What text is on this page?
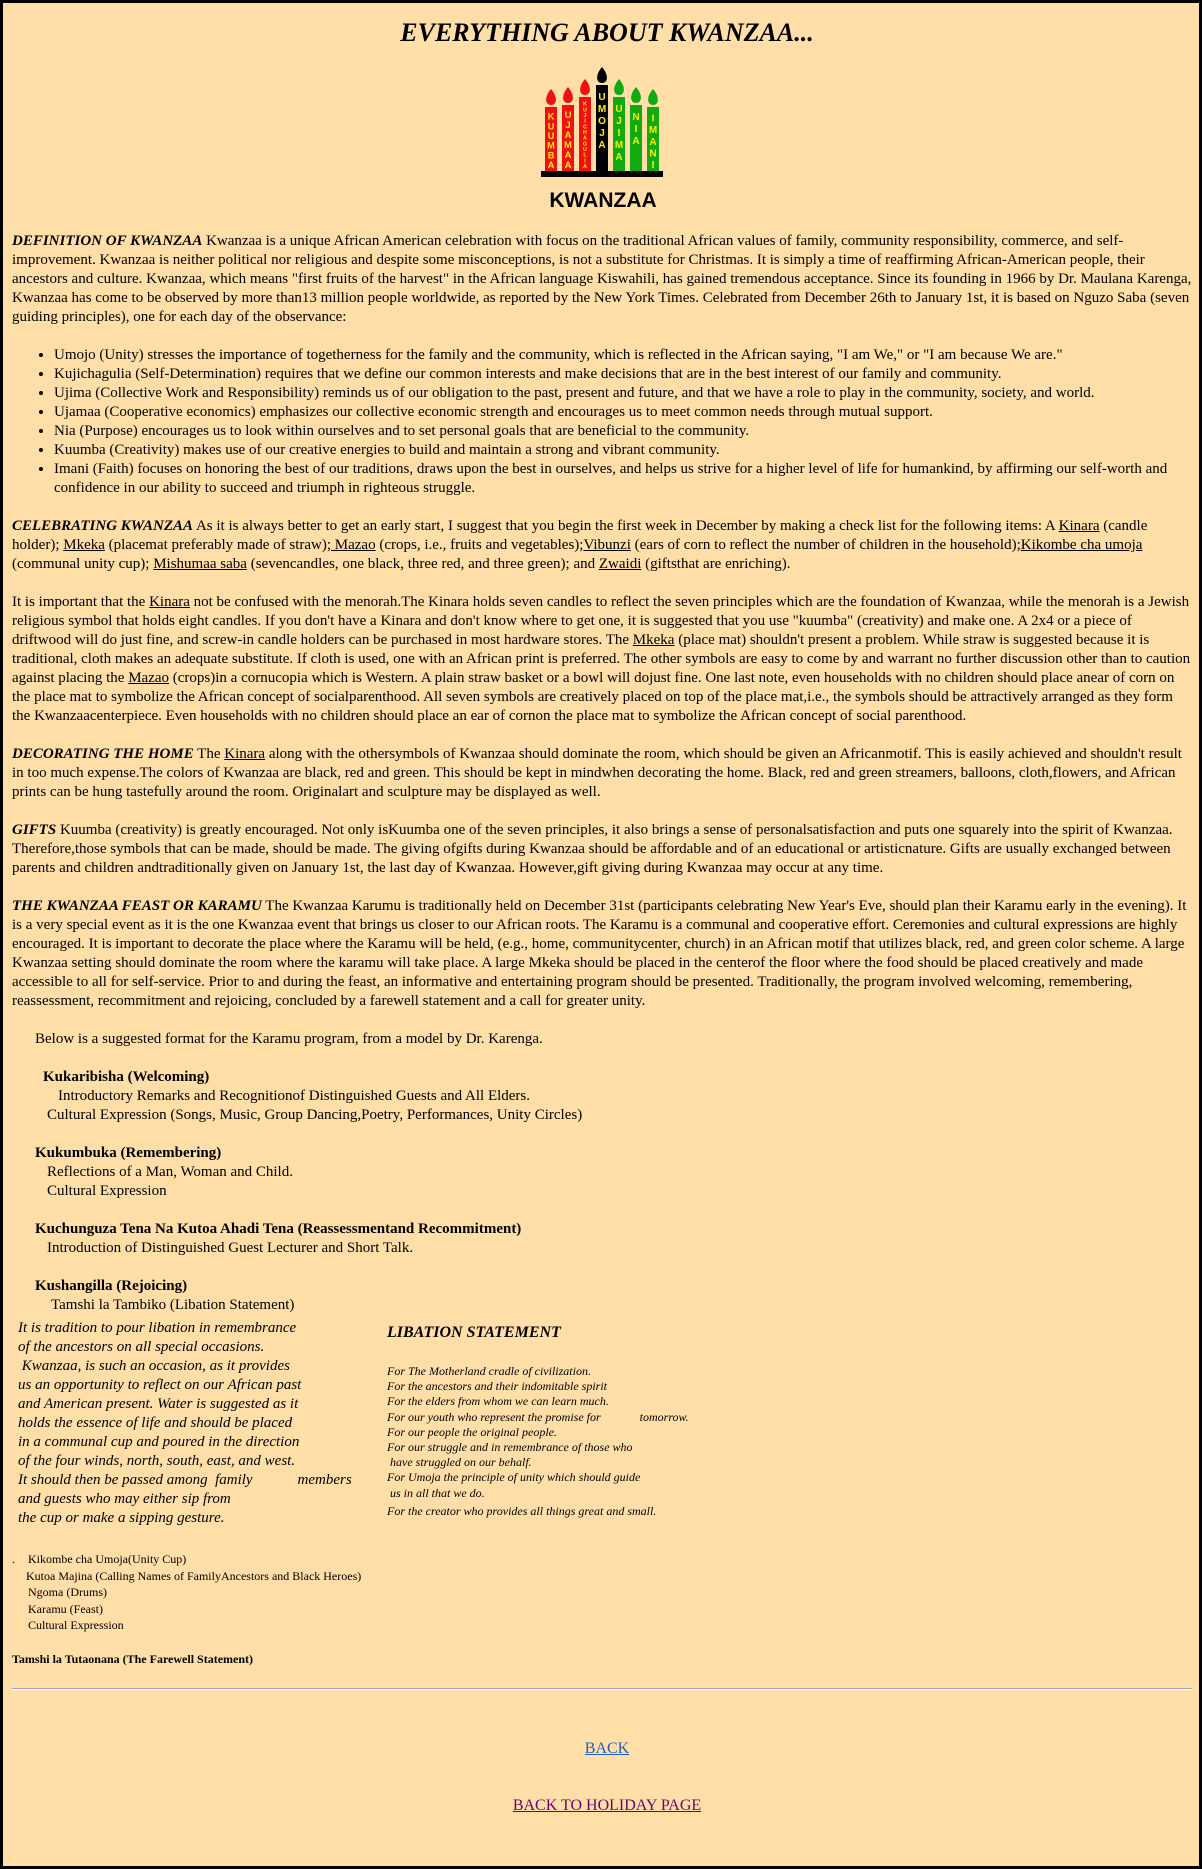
EVERYTHING ABOUT KWANZAA...
K
U
U
M
B
A
U
J
A
M
A
A
K
U
J
I
C
H
A
G
U
L
I
A
U
M
O
J
A
U
J
I
M
A
N
I
A
I
M
A
N
I
KWANZAA

DEFINITION OF KWANZAA Kwanzaa is a unique African American celebration with focus on the traditional African values of family, community responsibility, commerce, and self-improvement. Kwanzaa is neither political nor religious and despite some misconceptions, is not a substitute for Christmas. It is simply a time of reaffirming African-American people, their ancestors and culture. Kwanzaa, which means "first fruits of the harvest" in the African language Kiswahili, has gained tremendous acceptance. Since its founding in 1966 by Dr. Maulana Karenga, Kwanzaa has come to be observed by more than13 million people worldwide, as reported by the New York Times. Celebrated from December 26th to January 1st, it is based on Nguzo Saba (seven guiding principles), one for each day of the observance:

• Umojo (Unity) stresses the importance of togetherness for the family and the community, which is reflected in the African saying, "I am We," or "I am because We are."
• Kujichagulia (Self-Determination) requires that we define our common interests and make decisions that are in the best interest of our family and community.
• Ujima (Collective Work and Responsibility) reminds us of our obligation to the past, present and future, and that we have a role to play in the community, society, and world.
• Ujamaa (Cooperative economics) emphasizes our collective economic strength and encourages us to meet common needs through mutual support.
• Nia (Purpose) encourages us to look within ourselves and to set personal goals that are beneficial to the community.
• Kuumba (Creativity) makes use of our creative energies to build and maintain a strong and vibrant community.
• Imani (Faith) focuses on honoring the best of our traditions, draws upon the best in ourselves, and helps us strive for a higher level of life for humankind, by affirming our self-worth and confidence in our ability to succeed and triumph in righteous struggle.

CELEBRATING KWANZAA As it is always better to get an early start, I suggest that you begin the first week in December by making a check list for the following items: A Kinara (candle holder); Mkeka (placemat preferably made of straw); Mazao (crops, i.e., fruits and vegetables);Vibunzi (ears of corn to reflect the number of children in the household);Kikombe cha umoja (communal unity cup); Mishumaa saba (sevencandles, one black, three red, and three green); and Zwaidi (giftsthat are enriching).

It is important that the Kinara not be confused with the menorah.The Kinara holds seven candles to reflect the seven principles which are the foundation of Kwanzaa, while the menorah is a Jewish religious symbol that holds eight candles. If you don't have a Kinara and don't know where to get one, it is suggested that you use "kuumba" (creativity) and make one. A 2x4 or a piece of driftwood will do just fine, and screw-in candle holders can be purchased in most hardware stores. The Mkeka (place mat) shouldn't present a problem. While straw is suggested because it is traditional, cloth makes an adequate substitute. If cloth is used, one with an African print is preferred. The other symbols are easy to come by and warrant no further discussion other than to caution against placing the Mazao (crops)in a cornucopia which is Western. A plain straw basket or a bowl will dojust fine. One last note, even households with no children should place anear of corn on the place mat to symbolize the African concept of socialparenthood. All seven symbols are creatively placed on top of the place mat,i.e., the symbols should be attractively arranged as they form the Kwanzaacenterpiece. Even households with no children should place an ear of cornon the place mat to symbolize the African concept of social parenthood.

DECORATING THE HOME The Kinara along with the othersymbols of Kwanzaa should dominate the room, which should be given an Africanmotif. This is easily achieved and shouldn't result in too much expense.The colors of Kwanzaa are black, red and green. This should be kept in mindwhen decorating the home. Black, red and green streamers, balloons, cloth,flowers, and African prints can be hung tastefully around the room. Originalart and sculpture may be displayed as well.

GIFTS Kuumba (creativity) is greatly encouraged. Not only isKuumba one of the seven principles, it also brings a sense of personalsatisfaction and puts one squarely into the spirit of Kwanzaa. Therefore,those symbols that can be made, should be made. The giving ofgifts during Kwanzaa should be affordable and of an educational or artisticnature. Gifts are usually exchanged between parents and children andtraditionally given on January 1st, the last day of Kwanzaa. However,gift giving during Kwanzaa may occur at any time.

THE KWANZAA FEAST OR KARAMU The Kwanzaa Karumu is traditionally held on December 31st (participants celebrating New Year's Eve, should plan their Karamu early in the evening). It is a very special event as it is the one Kwanzaa event that brings us closer to our African roots. The Karamu is a communal and cooperative effort. Ceremonies and cultural expressions are highly encouraged. It is important to decorate the place where the Karamu will be held, (e.g., home, communitycenter, church) in an African motif that utilizes black, red, and green color scheme. A large Kwanzaa setting should dominate the room where the karamu will take place. A large Mkeka should be placed in the centerof the floor where the food should be placed creatively and made accessible to all for self-service. Prior to and during the feast, an informative and entertaining program should be presented. Traditionally, the program involved welcoming, remembering, reassessment, recommitment and rejoicing, concluded by a farewell statement and a call for greater unity.

Below is a suggested format for the Karamu program, from a model by Dr. Karenga.
Kukaribisha (Welcoming)
Introductory Remarks and Recognitionof Distinguished Guests and All Elders.
Cultural Expression (Songs, Music, Group Dancing,Poetry, Performances, Unity Circles)
Kukumbuka (Remembering)
Reflections of a Man, Woman and Child.
Cultural Expression
Kuchunguza Tena Na Kutoa Ahadi Tena (Reassessmentand Recommitment)
Introduction of Distinguished Guest Lecturer and Short Talk.
Kushangilla (Rejoicing)
Tamshi la Tambiko (Libation Statement)
It is tradition to pour libation in remembrance
of the ancestors on all special occasions.
Kwanzaa, is such an occasion, as it provides
us an opportunity to reflect on our African past
and American present. Water is suggested as it
holds the essence of life and should be placed
in a communal cup and poured in the direction
of the four winds, north, south, east, and west.
It should then be passed among  family            members
and guests who may either sip from
the cup or make a sipping gesture.
LIBATION STATEMENT
For The Motherland cradle of civilization.
For the ancestors and their indomitable spirit
For the elders from whom we can learn much.
For our youth who represent the promise for             tomorrow.
For our people the original people.
For our struggle and in remembrance of those who
have struggled on our behalf.
For Umoja the principle of unity which should guide
us in all that we do.
For the creator who provides all things great and small.
. Kikombe cha Umoja(Unity Cup)
Kutoa Majina (Calling Names of FamilyAncestors and Black Heroes)
Ngoma (Drums)
Karamu (Feast)
Cultural Expression
Tamshi la Tutaonana (The Farewell Statement)
BACK
BACK TO HOLIDAY PAGE
